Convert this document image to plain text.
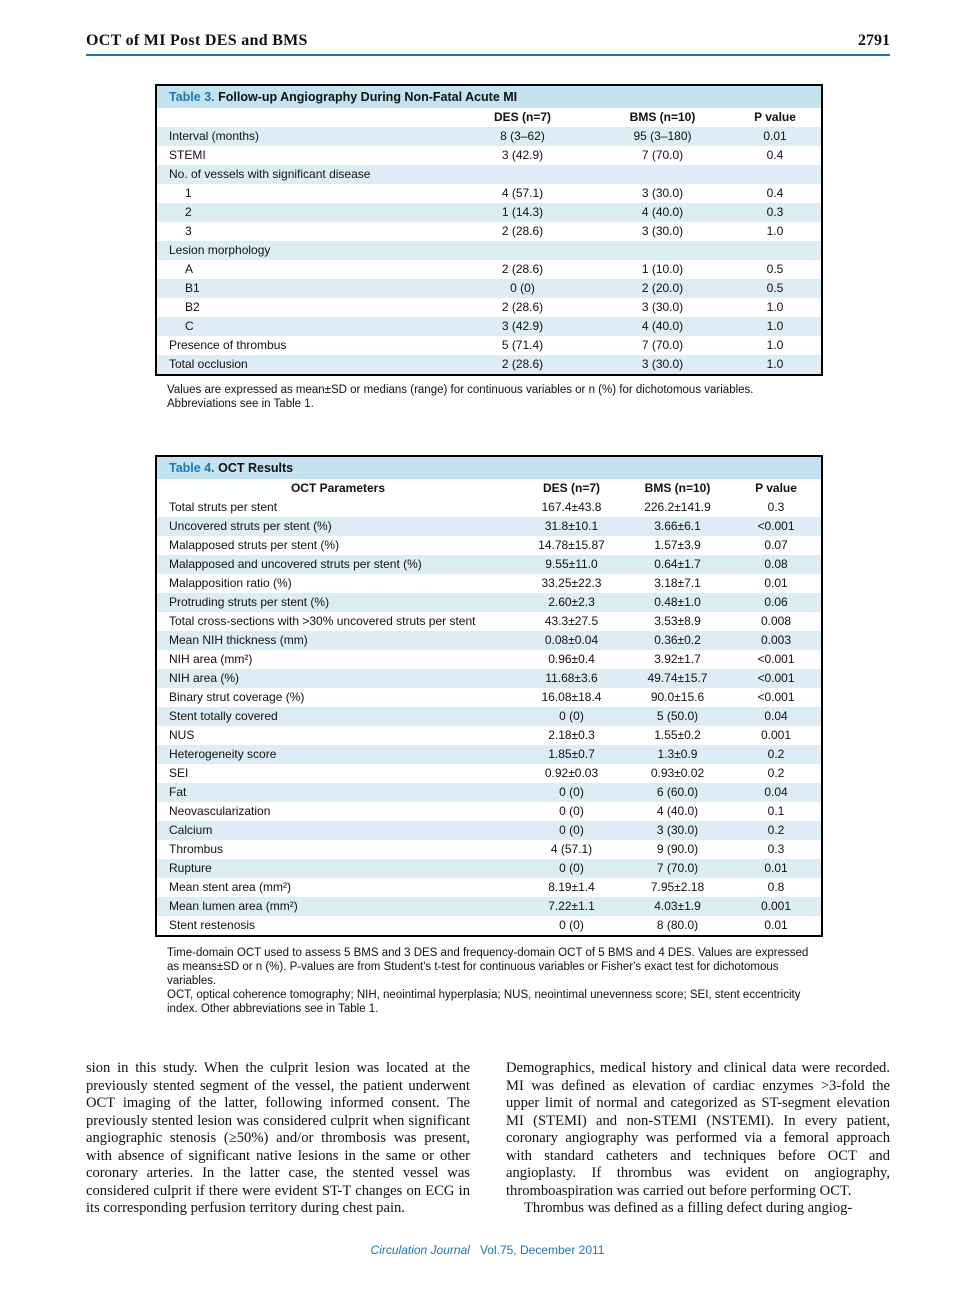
OCT of MI Post DES and BMS	2791
Table 3. Follow-up Angiography During Non-Fatal Acute MI
	DES (n=7)	BMS (n=10)	P value
Interval (months)	8 (3–62)	95 (3–180)	0.01
STEMI	3 (42.9)	7 (70.0)	0.4
No. of vessels with significant disease			
1	4 (57.1)	3 (30.0)	0.4
2	1 (14.3)	4 (40.0)	0.3
3	2 (28.6)	3 (30.0)	1.0
Lesion morphology			
A	2 (28.6)	1 (10.0)	0.5
B1	0 (0)	2 (20.0)	0.5
B2	2 (28.6)	3 (30.0)	1.0
C	3 (42.9)	4 (40.0)	1.0
Presence of thrombus	5 (71.4)	7 (70.0)	1.0
Total occlusion	2 (28.6)	3 (30.0)	1.0

Values are expressed as mean±SD or medians (range) for continuous variables or n (%) for dichotomous variables.

Abbreviations see in Table 1.

Table 4. OCT Results
OCT Parameters	DES (n=7)	BMS (n=10)	P value
Total struts per stent	167.4±43.8	226.2±141.9	0.3
Uncovered struts per stent (%)	31.8±10.1	3.66±6.1	<0.001
Malapposed struts per stent (%)	14.78±15.87	1.57±3.9	0.07
Malapposed and uncovered struts per stent (%)	9.55±11.0	0.64±1.7	0.08
Malapposition ratio (%)	33.25±22.3	3.18±7.1	0.01
Protruding struts per stent (%)	2.60±2.3	0.48±1.0	0.06
Total cross-sections with >30% uncovered struts per stent	43.3±27.5	3.53±8.9	0.008
Mean NIH thickness (mm)	0.08±0.04	0.36±0.2	0.003
NIH area (mm²)	0.96±0.4	3.92±1.7	<0.001
NIH area (%)	11.68±3.6	49.74±15.7	<0.001
Binary strut coverage (%)	16.08±18.4	90.0±15.6	<0.001
Stent totally covered	0 (0)	5 (50.0)	0.04
NUS	2.18±0.3	1.55±0.2	0.001
Heterogeneity score	1.85±0.7	1.3±0.9	0.2
SEI	0.92±0.03	0.93±0.02	0.2
Fat	0 (0)	6 (60.0)	0.04
Neovascularization	0 (0)	4 (40.0)	0.1
Calcium	0 (0)	3 (30.0)	0.2
Thrombus	4 (57.1)	9 (90.0)	0.3
Rupture	0 (0)	7 (70.0)	0.01
Mean stent area (mm²)	8.19±1.4	7.95±2.18	0.8
Mean lumen area (mm²)	7.22±1.1	4.03±1.9	0.001
Stent restenosis	0 (0)	8 (80.0)	0.01

Time-domain OCT used to assess 5 BMS and 3 DES and frequency-domain OCT of 5 BMS and 4 DES. Values are expressed as means±SD or n (%). P-values are from Student's t-test for continuous variables or Fisher's exact test for dichotomous variables.

OCT, optical coherence tomography; NIH, neointimal hyperplasia; NUS, neointimal unevenness score; SEI, stent eccentricity index. Other abbreviations see in Table 1.

sion in this study. When the culprit lesion was located at the previously stented segment of the vessel, the patient underwent OCT imaging of the latter, following informed consent. The previously stented lesion was considered culprit when significant angiographic stenosis (≥50%) and/or thrombosis was present, with absence of significant native lesions in the same or other coronary arteries. In the latter case, the stented vessel was considered culprit if there were evident ST-T changes on ECG in its corresponding perfusion territory during chest pain.

Demographics, medical history and clinical data were recorded. MI was defined as elevation of cardiac enzymes >3-fold the upper limit of normal and categorized as ST-segment elevation MI (STEMI) and non-STEMI (NSTEMI). In every patient, coronary angiography was performed via a femoral approach with standard catheters and techniques before OCT and angioplasty. If thrombus was evident on angiography, thromboaspiration was carried out before performing OCT.

Thrombus was defined as a filling defect during angiog-

Circulation Journal Vol.75, December 2011
